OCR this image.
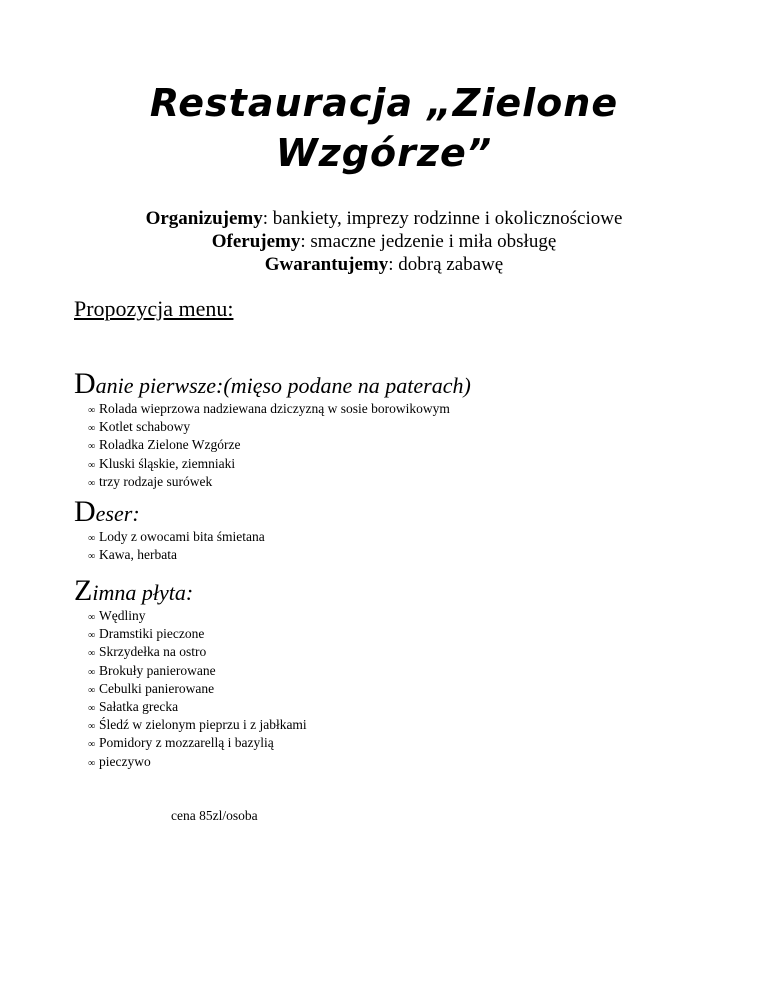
Restauracja „Zielone
Wzgórze”
Organizujemy: bankiety, imprezy rodzinne i okolicznościowe
Oferujemy: smaczne jedzenie i miła obsługę
Gwarantujemy: dobrą zabawę
Propozycja menu:
Danie pierwsze:(mięso podane na paterach)
∞ Rolada wieprzowa nadziewana dziczyzną w sosie borowikowym
∞ Kotlet schabowy
∞ Roladka Zielone Wzgórze
∞ Kluski śląskie, ziemniaki
∞ trzy rodzaje surówek
Deser:
∞ Lody z owocami bita śmietana
∞ Kawa, herbata
Zimna płyta:
∞ Wędliny
∞ Dramstiki pieczone
∞ Skrzydełka na ostro
∞ Brokuły panierowane
∞ Cebulki panierowane
∞ Sałatka grecka
∞ Śledź w zielonym pieprzu i z jabłkami
∞ Pomidory z mozzarellą i bazylią
∞ pieczywo
cena 85zl/osoba
